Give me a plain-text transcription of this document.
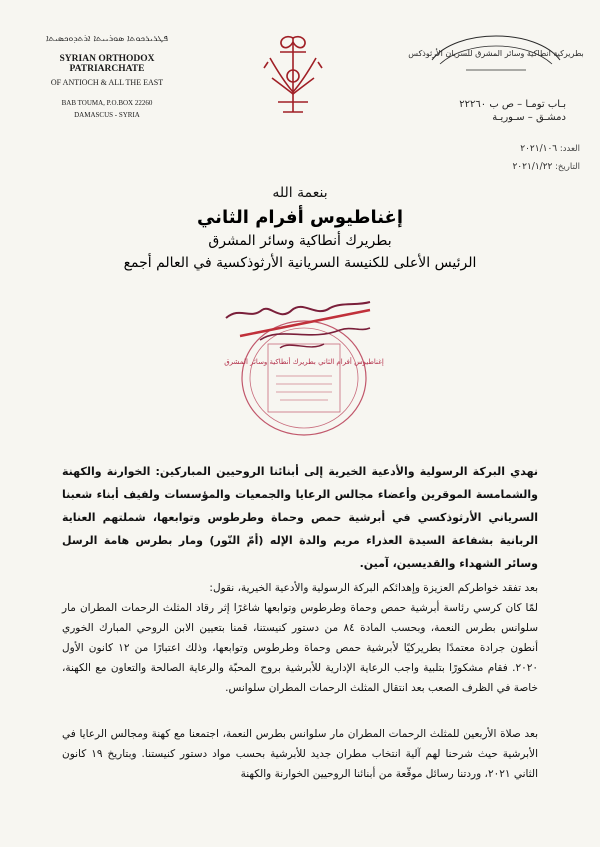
ܦܛܪܝܪܟܘܬܐ ܣܘܪܝܝܬܐ ܐܪܬܕܘܟܣܝܬܐ
SYRIAN ORTHODOX PATRIARCHATE
OF ANTIOCH & ALL THE EAST
BAB TOUMA, P.O.BOX 22260
DAMASCUS - SYRIA
بطريركية انطاكية وسائر المشرق للسريان الأرثوذكس
بـاب تومـا – ص ب ٢٢٢٦٠
دمشـق – سـوريـة
العدد: ٢٠٢١/١٠٦
التاريخ: ٢٠٢١/١/٢٢

بنعمة الله

إغناطيوس أفرام الثاني

بطريرك أنطاكية وسائر المشرق

الرئيس الأعلى للكنيسة السريانية الأرثوذكسية في العالم أجمع

إغناطيوس أفرام الثاني بطريرك أنطاكية وسائر المشرق
نهدي البركة الرسولية والأدعية الخيرية إلى أبنائنا الروحيين المباركين: الخوارنة والكهنة والشمامسة الموقرين وأعضاء مجالس الرعايا والجمعيات والمؤسسات ولفيف أبناء شعبنا السرياني الأرثوذكسي في أبرشية حمص وحماة وطرطوس وتوابعها، شملتهم العناية الربانية بشفاعة السيدة العذراء مريم والدة الإله (أمّ النّور) ومار بطرس هامة الرسل وسائر الشهداء والقديسين، آمين.
بعد تفقد خواطركم العزيزة وإهدائكم البركة الرسولية والأدعية الخيرية، نقول:
لمّا كان كرسي رئاسة أبرشية حمص وحماة وطرطوس وتوابعها شاغرًا إثر رقاد المثلث الرحمات المطران مار سلوانس بطرس النعمة، وبحسب المادة ٨٤ من دستور كنيستنا، قمنا بتعيين الابن الروحي المبارك الخوري أنطون جرادة معتمدًا بطريركيًا لأبرشية حمص وحماة وطرطوس وتوابعها، وذلك اعتبارًا من ١٢ كانون الأول ٢٠٢٠. فقام مشكورًا بتلبية واجب الرعاية الإدارية للأبرشية بروح المحبّة والرعاية الصالحة والتعاون مع الكهنة، خاصة في الظرف الصعب بعد انتقال المثلث الرحمات المطران سلوانس.
بعد صلاة الأربعين للمثلث الرحمات المطران مار سلوانس بطرس النعمة، اجتمعنا مع كهنة ومجالس الرعايا في الأبرشية حيث شرحنا لهم آلية انتخاب مطران جديد للأبرشية بحسب مواد دستور كنيستنا. وبتاريخ ١٩ كانون الثاني ٢٠٢١، وردتنا رسائل موقّعة من أبنائنا الروحيين الخوارنة والكهنة
